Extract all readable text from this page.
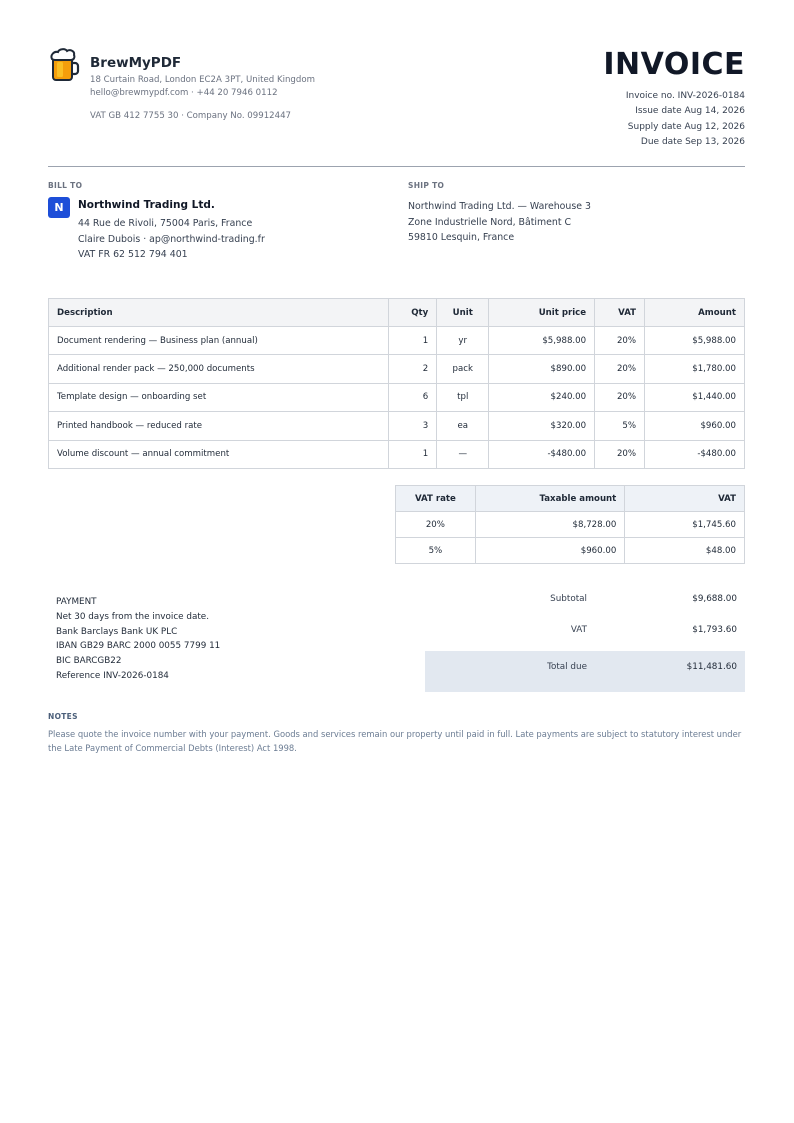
BrewMyPDF
18 Curtain Road, London EC2A 3PT, United Kingdom
hello@brewmypdf.com · +44 20 7946 0112
VAT GB 412 7755 30 · Company No. 09912447
INVOICE
Invoice no. INV-2026-0184
Issue date Aug 14, 2026
Supply date Aug 12, 2026
Due date Sep 13, 2026
BILL TO
N	Northwind Trading Ltd.
44 Rue de Rivoli, 75004 Paris, France
Claire Dubois · ap@northwind-trading.fr
VAT FR 62 512 794 401
SHIP TO
Northwind Trading Ltd. — Warehouse 3
Zone Industrielle Nord, Bâtiment C
59810 Lesquin, France
Description	Qty	Unit	Unit price	VAT	Amount
Document rendering — Business plan (annual)	1	yr	$5,988.00	20%	$5,988.00
Additional render pack — 250,000 documents	2	pack	$890.00	20%	$1,780.00
Template design — onboarding set	6	tpl	$240.00	20%	$1,440.00
Printed handbook — reduced rate	3	ea	$320.00	5%	$960.00
Volume discount — annual commitment	1	—	-$480.00	20%	-$480.00
VAT rate	Taxable amount	VAT
20%	$8,728.00	$1,745.60
5%	$960.00	$48.00
PAYMENT
Net 30 days from the invoice date.
Bank Barclays Bank UK PLC
IBAN GB29 BARC 2000 0055 7799 11
BIC BARCGB22
Reference INV-2026-0184
Subtotal	$9,688.00
VAT	$1,793.60
Total due	$11,481.60
NOTES
Please quote the invoice number with your payment. Goods and services remain our property until paid in full. Late payments are subject to statutory interest under the Late Payment of Commercial Debts (Interest) Act 1998.
